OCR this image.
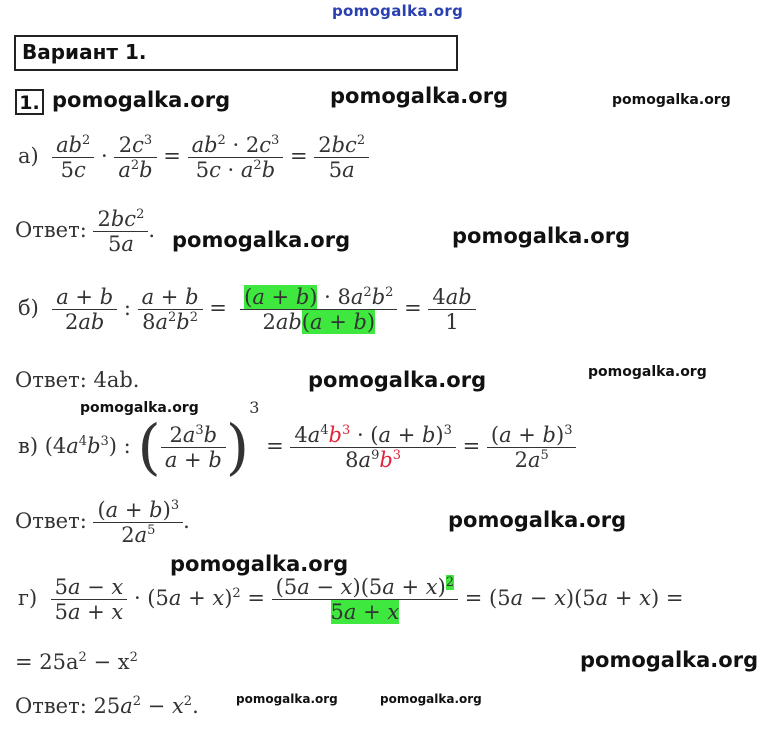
pomogalka.org
Вариант 1.
1. pomogalka.org	pomogalka.org	pomogalka.org
$а) \frac{ab^2}{5c} \cdot \frac{2c^3}{a^2b} = \frac{ab^2 \cdot 2c^3}{5c \cdot a^2b} = \frac{2bc^2}{5a}$
Ответ: $\frac{2bc^2}{5a}$ . pomogalka.org	pomogalka.org
$б) \frac{a + b}{2ab}$ : $\frac{a + b}{8a^2b^2} = \frac{(a + b) \cdot 8a^2b^2}{2ab(a + b)} = \frac{4ab}{1}$
Ответ: 4ab.	pomogalka.org	pomogalka.org
pomogalka.org
в) $(4a^4b^3)$ : ( $\frac{2a^3b}{a + b} )^3 = \frac{4a^4b^3 \cdot (a + b)^3}{8a^9b^3} = \frac{(a + b)^3}{2a^5}$
Ответ: $\frac{(a + b)^3}{2a^5}$ .	pomogalka.org
pomogalka.org
$г) \frac{5a - x}{5a + x} \cdot (5a + x)^2 = \frac{(5a - x)(5a + x)^2}{5a + x} = (5a - x)(5a + x)$ =
= $25a^2 - x^2$	pomogalka.org
Ответ: $25a^2 - x^2$.	pomogalka.org	pomogalka.org
